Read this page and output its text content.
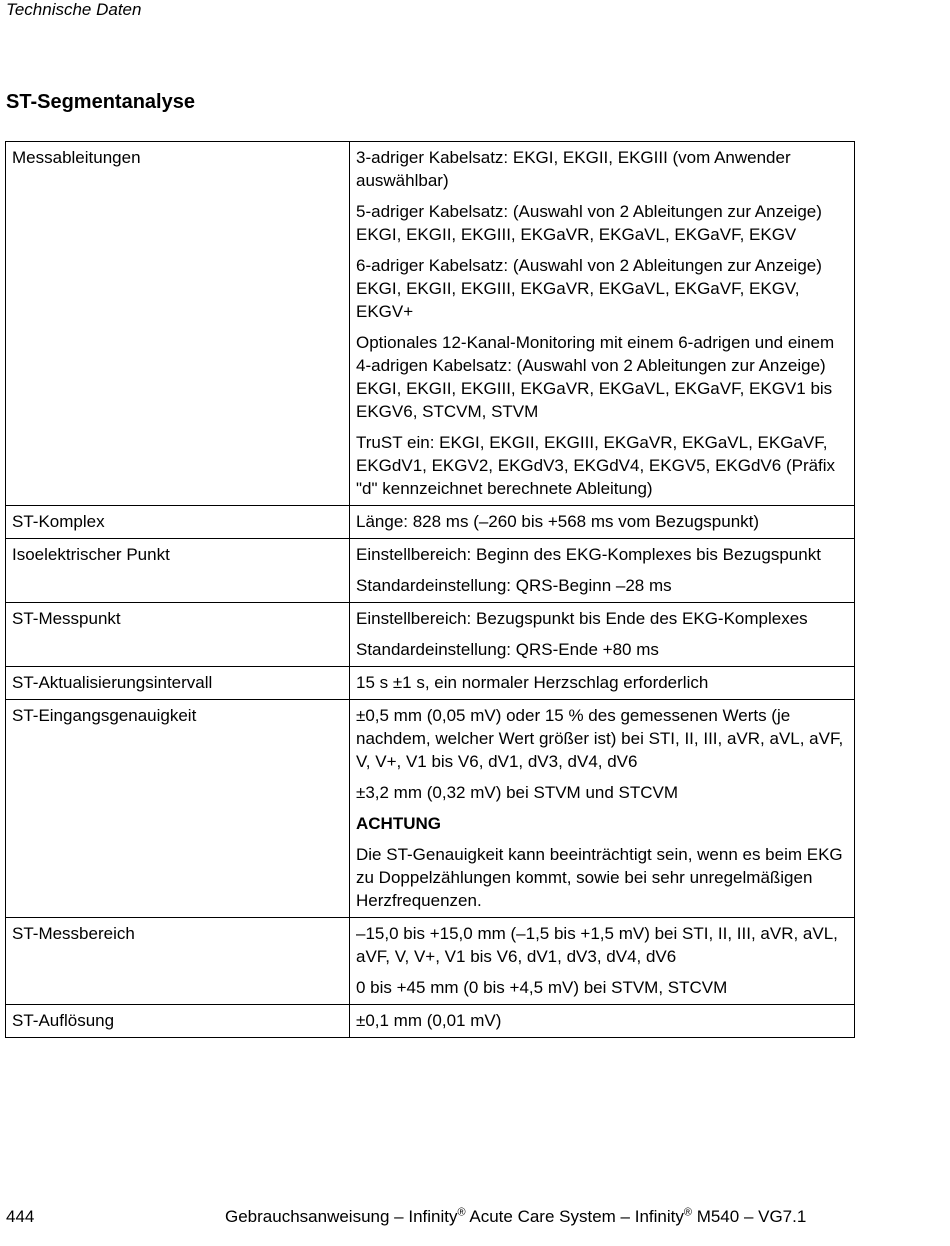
Technische Daten
ST-Segmentanalyse
Messableitungen	3-adriger Kabelsatz: EKGI, EKGII, EKGIII (vom Anwender auswählbar)

5-adriger Kabelsatz: (Auswahl von 2 Ableitungen zur Anzeige) EKGI, EKGII, EKGIII, EKGaVR, EKGaVL, EKGaVF, EKGV

6-adriger Kabelsatz: (Auswahl von 2 Ableitungen zur Anzeige) EKGI, EKGII, EKGIII, EKGaVR, EKGaVL, EKGaVF, EKGV, EKGV+

Optionales 12-Kanal-Monitoring mit einem 6-adrigen und einem 4-adrigen Kabelsatz: (Auswahl von 2 Ableitungen zur Anzeige) EKGI, EKGII, EKGIII, EKGaVR, EKGaVL, EKGaVF, EKGV1 bis EKGV6, STCVM, STVM

TruST ein: EKGI, EKGII, EKGIII, EKGaVR, EKGaVL, EKGaVF, EKGdV1, EKGV2, EKGdV3, EKGdV4, EKGV5, EKGdV6 (Präfix "d" kennzeichnet berechnete Ableitung)

ST-Komplex	Länge: 828 ms (–260 bis +568 ms vom Bezugspunkt)

Isoelektrischer Punkt	Einstellbereich: Beginn des EKG-Komplexes bis Bezugspunkt

Standardeinstellung: QRS-Beginn –28 ms

ST-Messpunkt	Einstellbereich: Bezugspunkt bis Ende des EKG-Komplexes

Standardeinstellung: QRS-Ende +80 ms

ST-Aktualisierungsintervall	15 s ±1 s, ein normaler Herzschlag erforderlich

ST-Eingangsgenauigkeit	±0,5 mm (0,05 mV) oder 15 % des gemessenen Werts (je nachdem, welcher Wert größer ist) bei STI, II, III, aVR, aVL, aVF, V, V+, V1 bis V6, dV1, dV3, dV4, dV6

±3,2 mm (0,32 mV) bei STVM und STCVM

ACHTUNG

Die ST-Genauigkeit kann beeinträchtigt sein, wenn es beim EKG zu Doppelzählungen kommt, sowie bei sehr unregelmäßigen Herzfrequenzen.

ST-Messbereich	–15,0 bis +15,0 mm (–1,5 bis +1,5 mV) bei STI, II, III, aVR, aVL, aVF, V, V+, V1 bis V6, dV1, dV3, dV4, dV6

0 bis +45 mm (0 bis +4,5 mV) bei STVM, STCVM

ST-Auflösung	±0,1 mm (0,01 mV)

444	Gebrauchsanweisung – Infinity® Acute Care System – Infinity® M540 – VG7.1
